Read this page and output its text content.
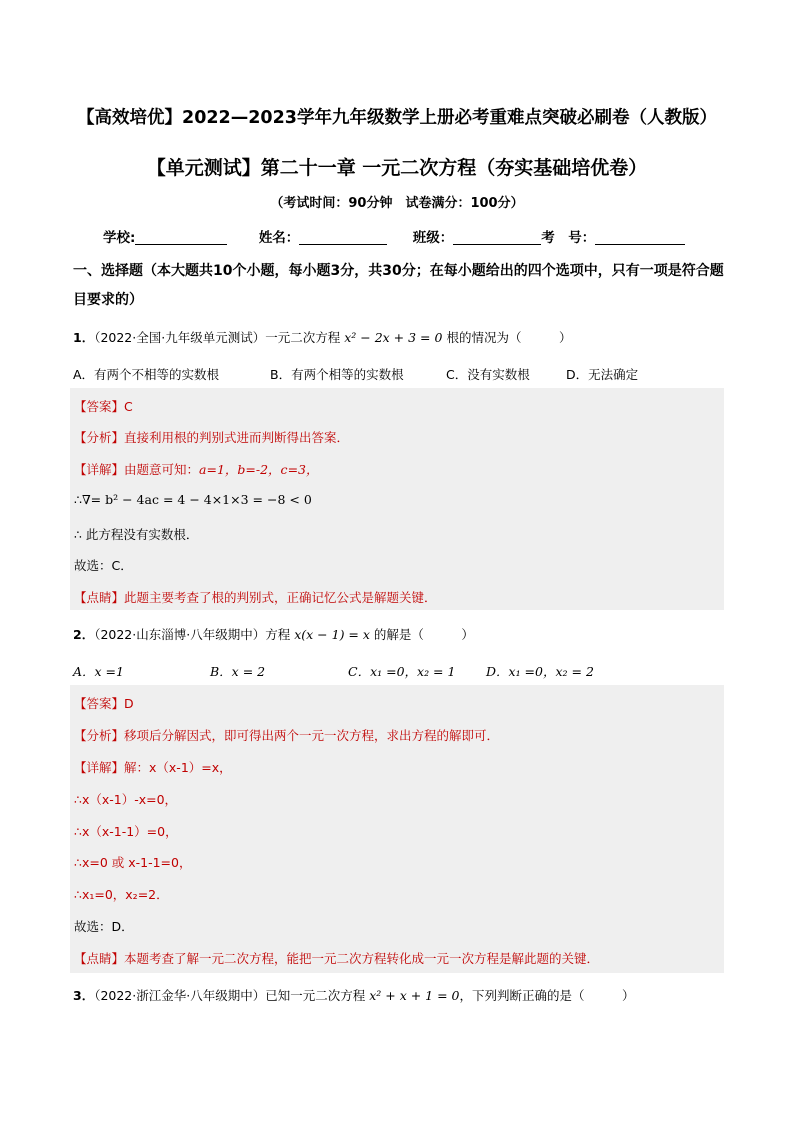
【高效培优】2022—2023学年九年级数学上册必考重难点突破必刷卷（人教版）
【单元测试】第二十一章 一元二次方程（夯实基础培优卷）
（考试时间：90分钟　试卷满分：100分）
学校:	姓名：	班级：	考　号：
一、选择题（本大题共10个小题，每小题3分，共30分；在每小题给出的四个选项中，只有一项是符合题目要求的）
1．（2022·全国·九年级单元测试）一元二次方程 x² − 2x + 3 = 0 根的情况为（　　　）
A．有两个不相等的实数根	B．有两个相等的实数根	C．没有实数根	D．无法确定
【答案】C
【分析】直接利用根的判别式进而判断得出答案．
【详解】由题意可知：a=1，b=-2，c=3，
∴∇= b² − 4ac = 4 − 4×1×3 = −8 < 0
∴ 此方程没有实数根．
故选：C．
【点睛】此题主要考查了根的判别式，正确记忆公式是解题关键．
2．（2022·山东淄博·八年级期中）方程 x(x − 1) = x 的解是（　　　）
A．x =1	B．x = 2	C．x₁ =0，x₂ = 1 D．x₁ =0，x₂ = 2
【答案】D
【分析】移项后分解因式，即可得出两个一元一次方程，求出方程的解即可．
【详解】解：x（x-1）=x，
∴x（x-1）-x=0，
∴x（x-1-1）=0，
∴x=0 或 x-1-1=0，
∴x₁=0，x₂=2．
故选：D．
【点睛】本题考查了解一元二次方程，能把一元二次方程转化成一元一次方程是解此题的关键．
3．（2022·浙江金华·八年级期中）已知一元二次方程 x² + x + 1 = 0，下列判断正确的是（　　　）
